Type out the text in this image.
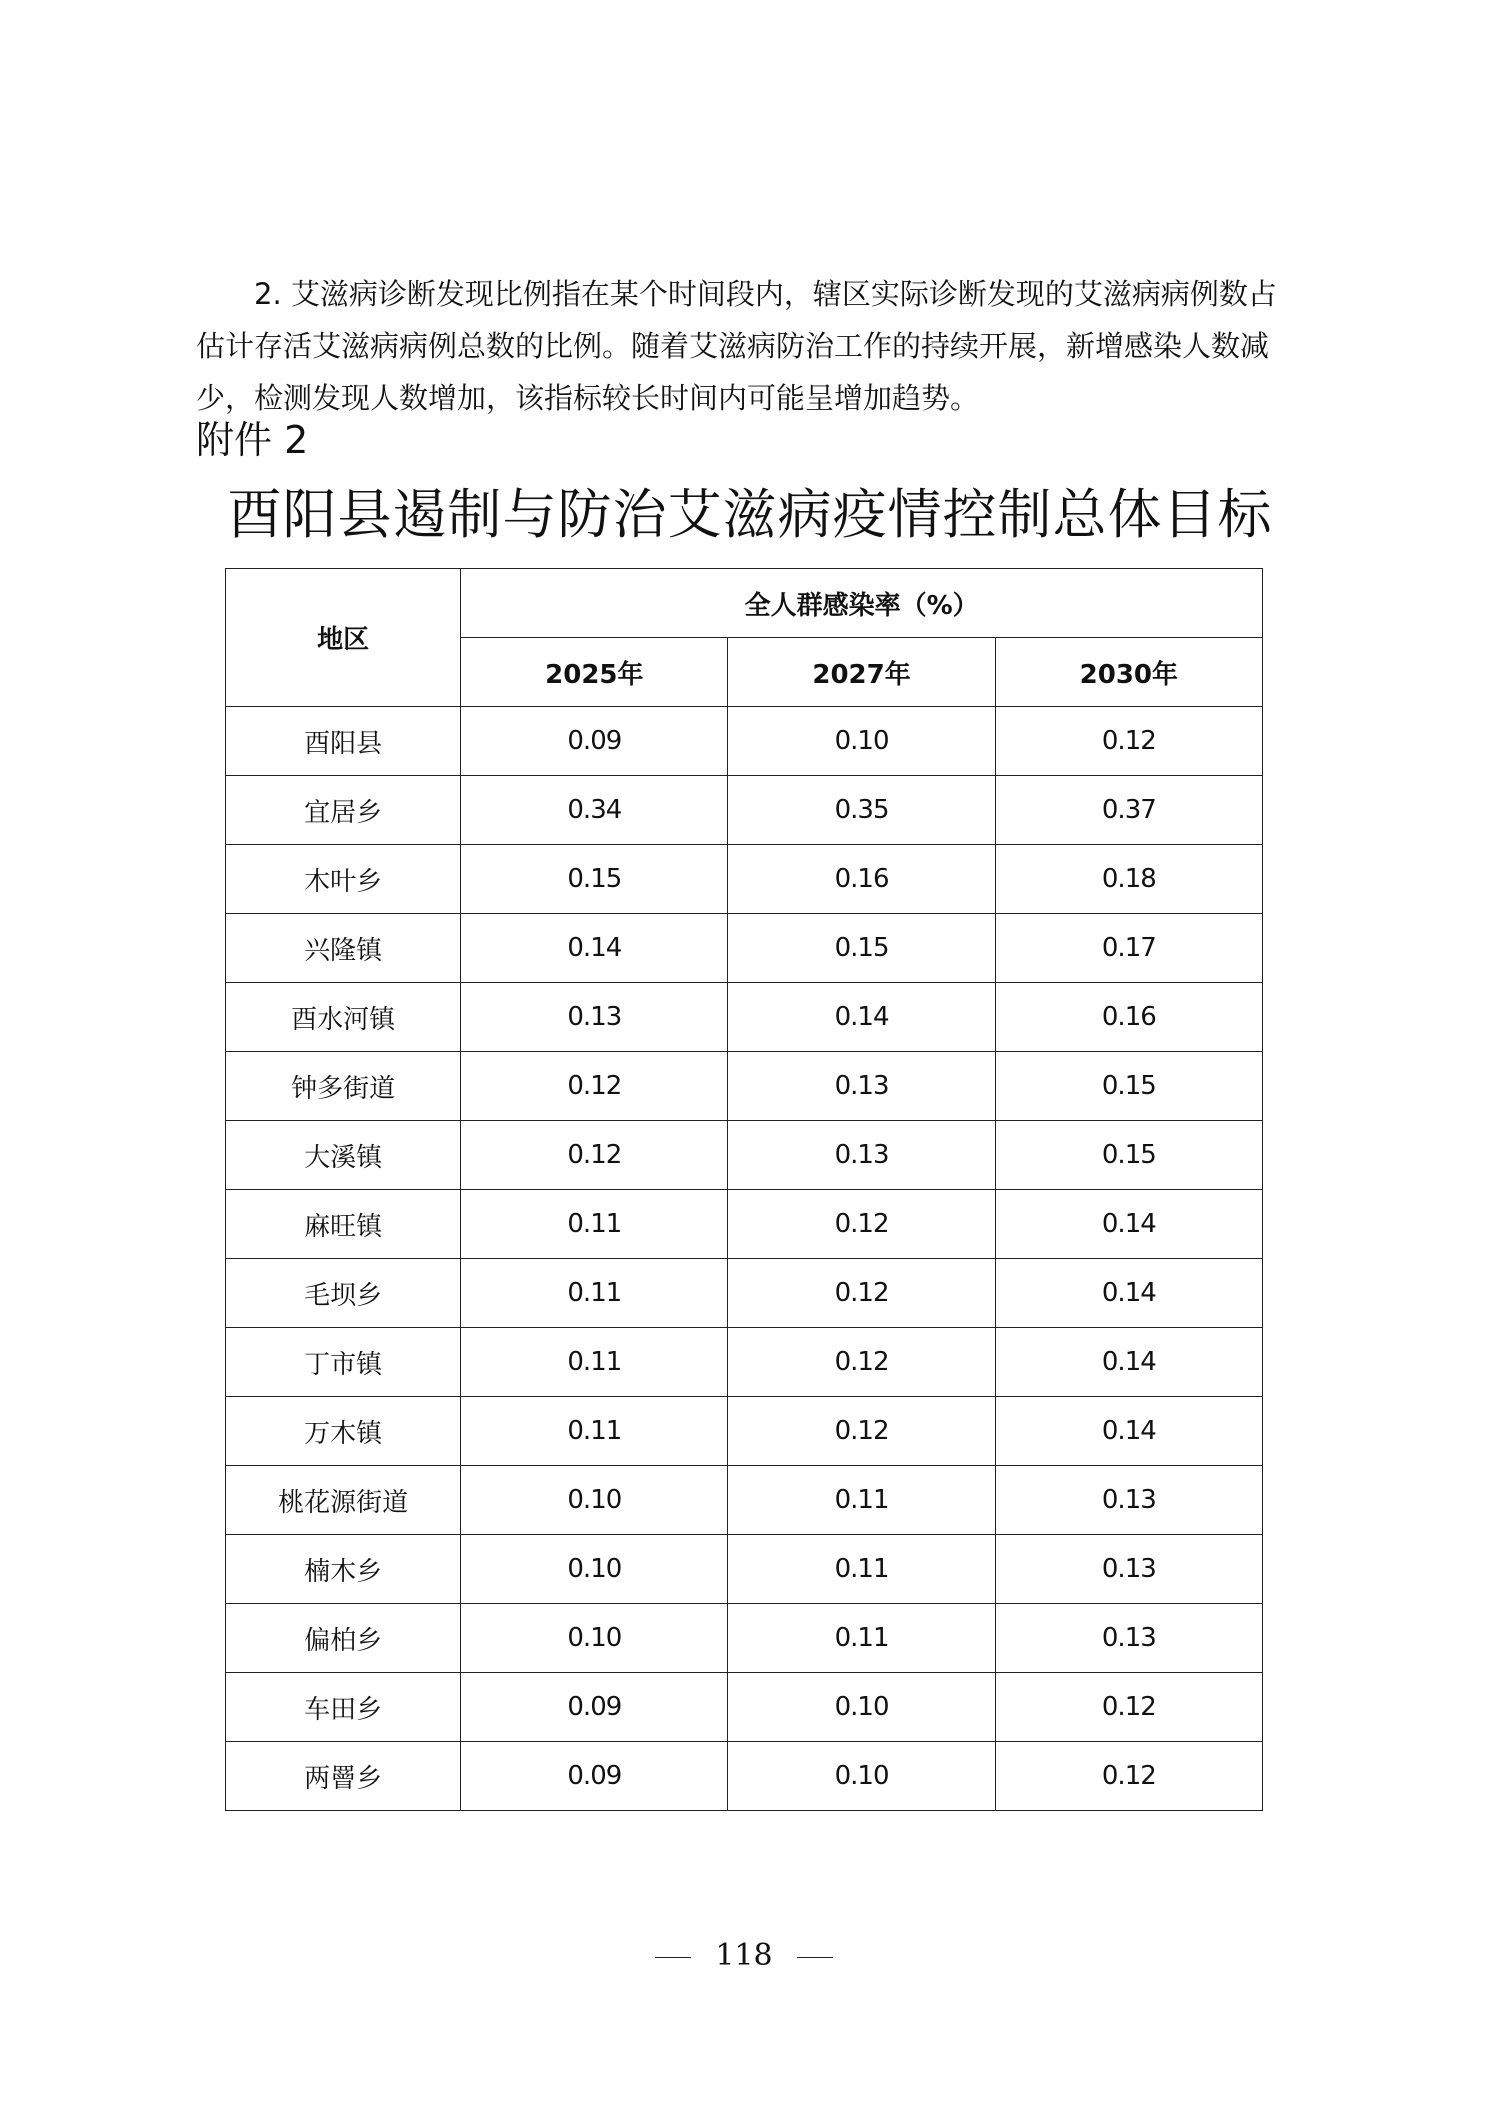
2. 艾滋病诊断发现比例指在某个时间段内，辖区实际诊断发现的艾滋病病例数占估计存活艾滋病病例总数的比例。随着艾滋病防治工作的持续开展，新增感染人数减少，检测发现人数增加，该指标较长时间内可能呈增加趋势。

附件 2

酉阳县遏制与防治艾滋病疫情控制总体目标
地区	全人群感染率（%）		
	2025年	2027年	2030年
酉阳县	0.09	0.10	0.12
宜居乡	0.34	0.35	0.37
木叶乡	0.15	0.16	0.18
兴隆镇	0.14	0.15	0.17
酉水河镇	0.13	0.14	0.16
钟多街道	0.12	0.13	0.15
大溪镇	0.12	0.13	0.15
麻旺镇	0.11	0.12	0.14
毛坝乡	0.11	0.12	0.14
丁市镇	0.11	0.12	0.14
万木镇	0.11	0.12	0.14
桃花源街道	0.10	0.11	0.13
楠木乡	0.10	0.11	0.13
偏柏乡	0.10	0.11	0.13
车田乡	0.09	0.10	0.12
两罾乡	0.09	0.10	0.12
118
